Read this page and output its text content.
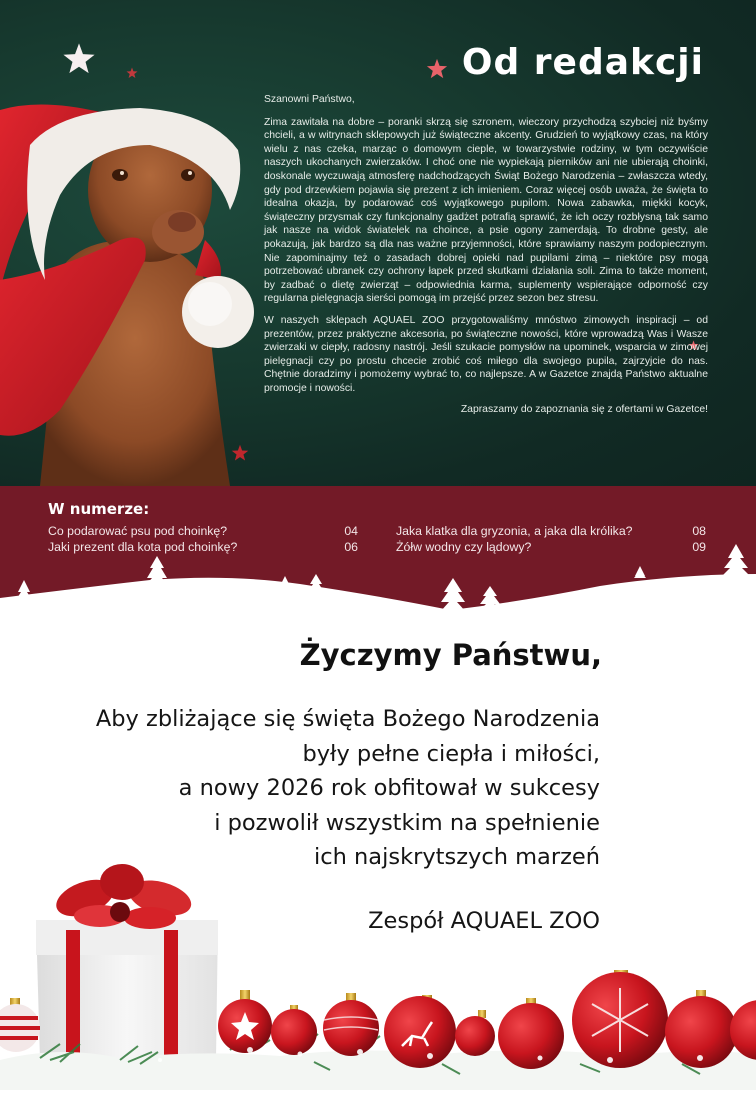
Od redakcji

Szanowni Państwo,

Zima zawitała na dobre – poranki skrzą się szronem, wieczory przychodzą szybciej niż byśmy chcieli, a w witrynach sklepowych już świąteczne akcenty. Grudzień to wyjątkowy czas, na który wielu z nas czeka, marząc o domowym cieple, w towarzystwie rodziny, w tym oczywiście naszych ukochanych zwierzaków. I choć one nie wypiekają pierników ani nie ubierają choinki, doskonale wyczuwają atmosferę nadchodzących Świąt Bożego Narodzenia – zwłaszcza wtedy, gdy pod drzewkiem pojawia się prezent z ich imieniem. Coraz więcej osób uważa, że święta to idealna okazja, by podarować coś wyjątkowego pupilom. Nowa zabawka, miękki kocyk, świąteczny przysmak czy funkcjonalny gadżet potrafią sprawić, że ich oczy rozbłysną tak samo jak nasze na widok światełek na choince, a psie ogony zamerdają. To drobne gesty, ale pokazują, jak bardzo są dla nas ważne przyjemności, które sprawiamy naszym podopiecznym. Nie zapominajmy też o zasadach dobrej opieki nad pupilami zimą – niektóre psy mogą potrzebować ubranek czy ochrony łapek przed skutkami działania soli. Zima to także moment, by zadbać o dietę zwierząt – odpowiednia karma, suplementy wspierające odporność czy regularna pielęgnacja sierści pomogą im przejść przez sezon bez stresu.

W naszych sklepach AQUAEL ZOO przygotowaliśmy mnóstwo zimowych inspiracji – od prezentów, przez praktyczne akcesoria, po świąteczne nowości, które wprowadzą Was i Wasze zwierzaki w ciepły, radosny nastrój. Jeśli szukacie pomysłów na upominek, wsparcia w zimowej pielęgnacji czy po prostu chcecie zrobić coś miłego dla swojego pupila, zajrzyjcie do nas. Chętnie doradzimy i pomożemy wybrać to, co najlepsze. A w Gazetce znajdą Państwo aktualne promocje i nowości.

Zapraszamy do zapoznania się z ofertami w Gazetce!

W numerze:
Co podarować psu pod choinkę?	04
Jaki prezent dla kota pod choinkę?	06
Jaka klatka dla gryzonia, a jaka dla królika?	08
Żółw wodny czy lądowy?	09
Życzymy Państwu,
Aby zbliżające się święta Bożego Narodzenia
były pełne ciepła i miłości,
a nowy 2026 rok obfitował w sukcesy
i pozwolił wszystkim na spełnienie
ich najskrytszych marzeń
Zespół AQUAEL ZOO
